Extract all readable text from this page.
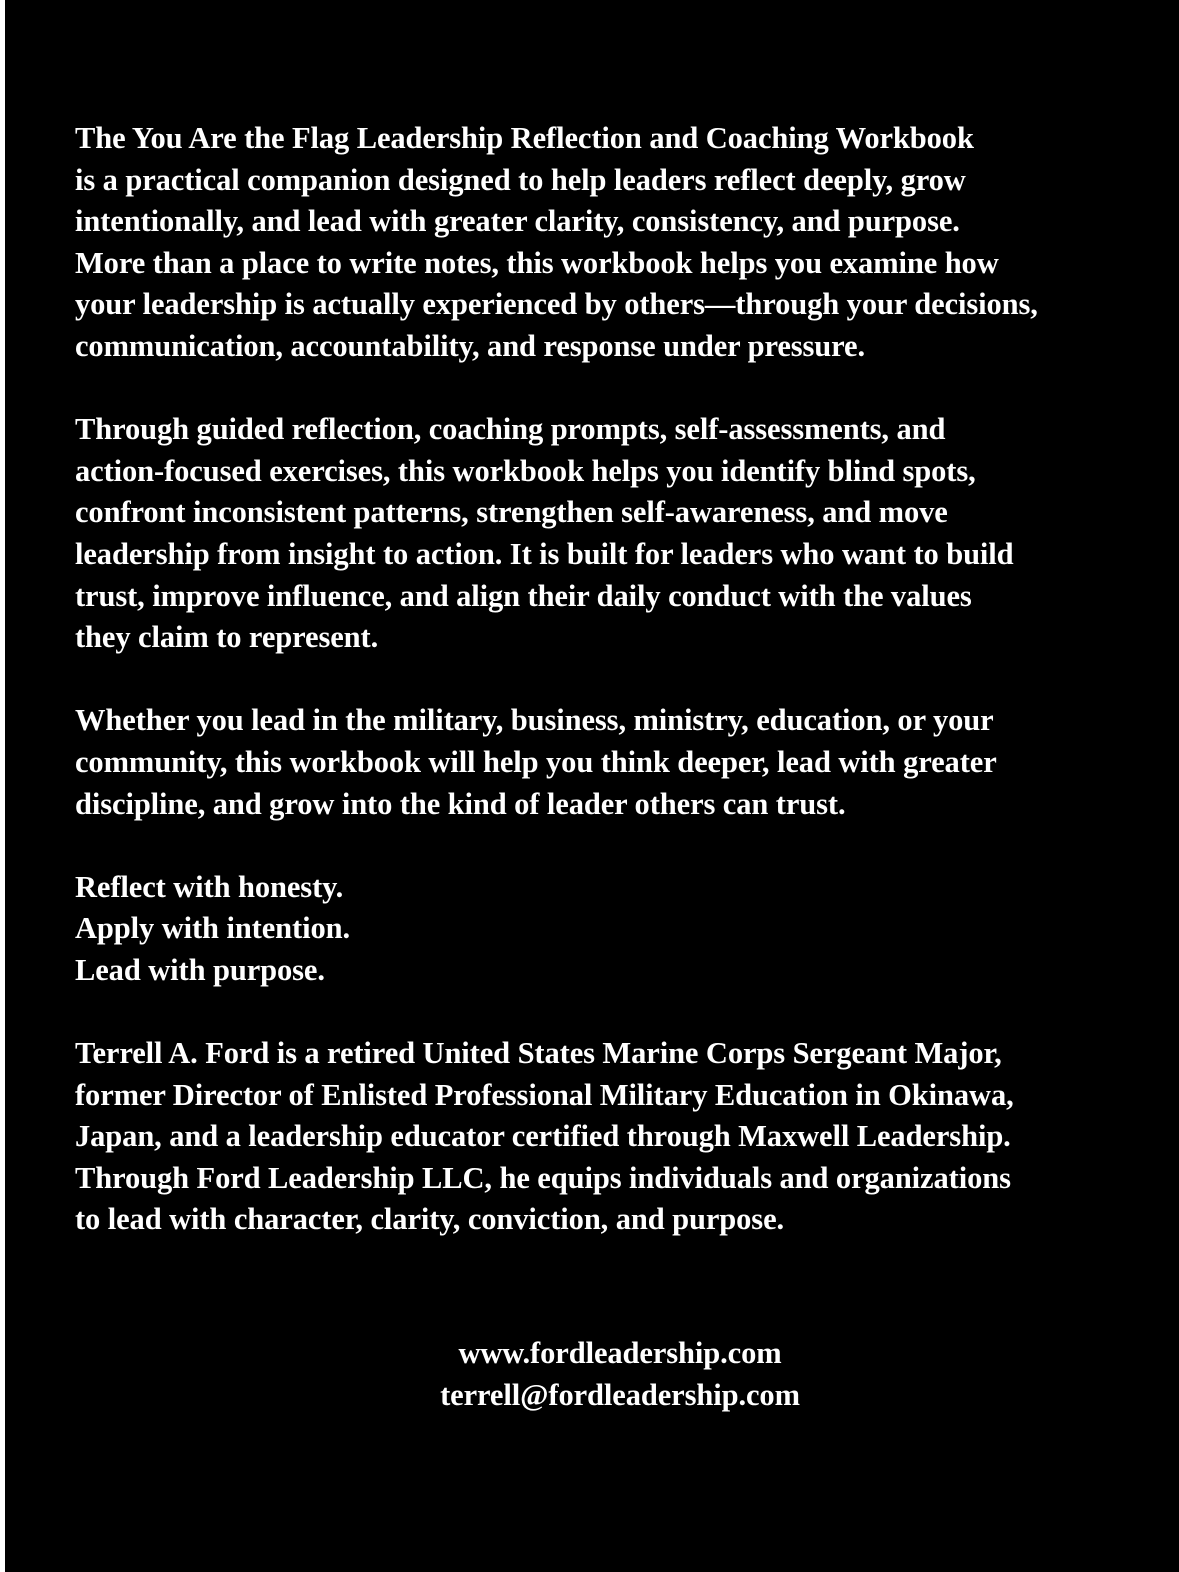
The You Are the Flag Leadership Reflection and Coaching Workbook
is a practical companion designed to help leaders reflect deeply, grow
intentionally, and lead with greater clarity, consistency, and purpose.
More than a place to write notes, this workbook helps you examine how
your leadership is actually experienced by others—through your decisions,
communication, accountability, and response under pressure.

Through guided reflection, coaching prompts, self-assessments, and
action-focused exercises, this workbook helps you identify blind spots,
confront inconsistent patterns, strengthen self-awareness, and move
leadership from insight to action. It is built for leaders who want to build
trust, improve influence, and align their daily conduct with the values
they claim to represent.

Whether you lead in the military, business, ministry, education, or your
community, this workbook will help you think deeper, lead with greater
discipline, and grow into the kind of leader others can trust.

Reflect with honesty.
Apply with intention.
Lead with purpose.

Terrell A. Ford is a retired United States Marine Corps Sergeant Major,
former Director of Enlisted Professional Military Education in Okinawa,
Japan, and a leadership educator certified through Maxwell Leadership.
Through Ford Leadership LLC, he equips individuals and organizations
to lead with character, clarity, conviction, and purpose.

www.fordleadership.com
terrell@fordleadership.com
